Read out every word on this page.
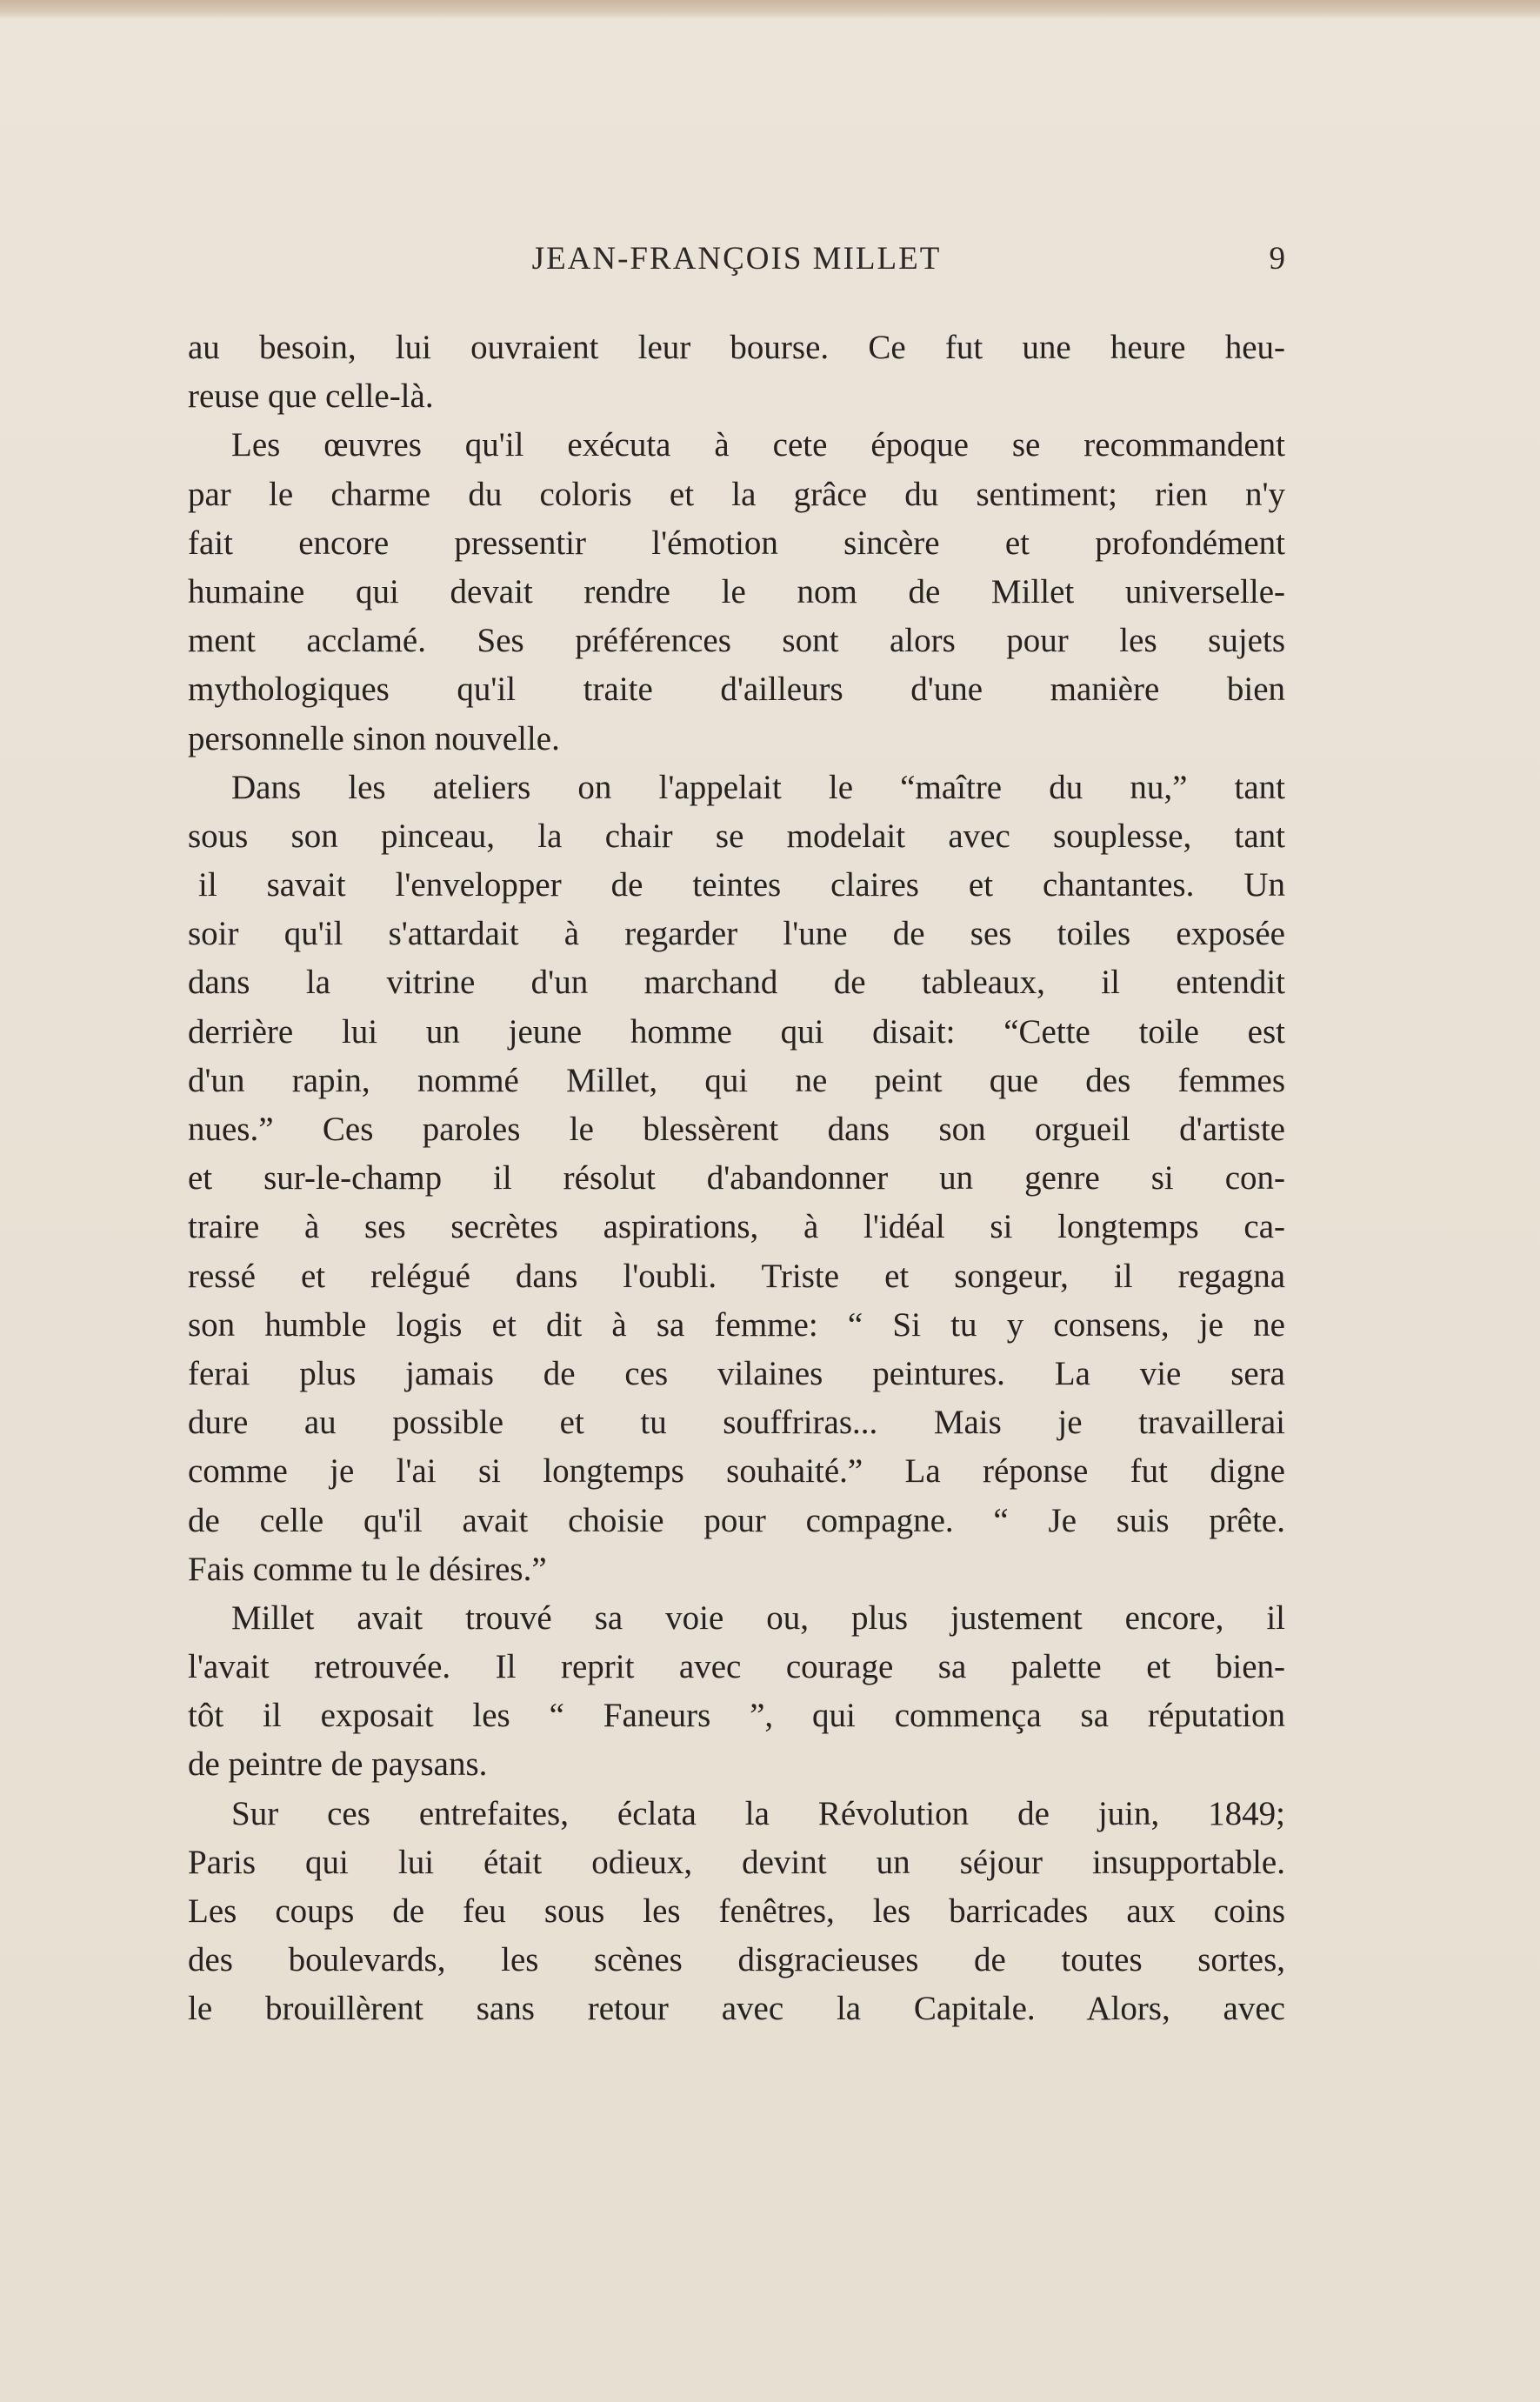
JEAN-FRANÇOIS MILLET	9
au besoin, lui ouvraient leur bourse. Ce fut une heure heu-
reuse que celle-là.
Les œuvres qu'il exécuta à cete époque se recommandent
par le charme du coloris et la grâce du sentiment; rien n'y
fait encore pressentir l'émotion sincère et profondément
humaine qui devait rendre le nom de Millet universelle-
ment acclamé. Ses préférences sont alors pour les sujets
mythologiques qu'il traite d'ailleurs d'une manière bien
personnelle sinon nouvelle.
Dans les ateliers on l'appelait le “maître du nu,” tant
sous son pinceau, la chair se modelait avec souplesse, tant
il savait l'envelopper de teintes claires et chantantes. Un
soir qu'il s'attardait à regarder l'une de ses toiles exposée
dans la vitrine d'un marchand de tableaux, il entendit
derrière lui un jeune homme qui disait: “Cette toile est
d'un rapin, nommé Millet, qui ne peint que des femmes
nues.” Ces paroles le blessèrent dans son orgueil d'artiste
et sur-le-champ il résolut d'abandonner un genre si con-
traire à ses secrètes aspirations, à l'idéal si longtemps ca-
ressé et relégué dans l'oubli. Triste et songeur, il regagna
son humble logis et dit à sa femme: “ Si tu y consens, je ne
ferai plus jamais de ces vilaines peintures. La vie sera
dure au possible et tu souffriras... Mais je travaillerai
comme je l'ai si longtemps souhaité.” La réponse fut digne
de celle qu'il avait choisie pour compagne. “ Je suis prête.
Fais comme tu le désires.”
Millet avait trouvé sa voie ou, plus justement encore, il
l'avait retrouvée. Il reprit avec courage sa palette et bien-
tôt il exposait les “ Faneurs ”, qui commença sa réputation
de peintre de paysans.
Sur ces entrefaites, éclata la Révolution de juin, 1849;
Paris qui lui était odieux, devint un séjour insupportable.
Les coups de feu sous les fenêtres, les barricades aux coins
des boulevards, les scènes disgracieuses de toutes sortes,
le brouillèrent sans retour avec la Capitale. Alors, avec
